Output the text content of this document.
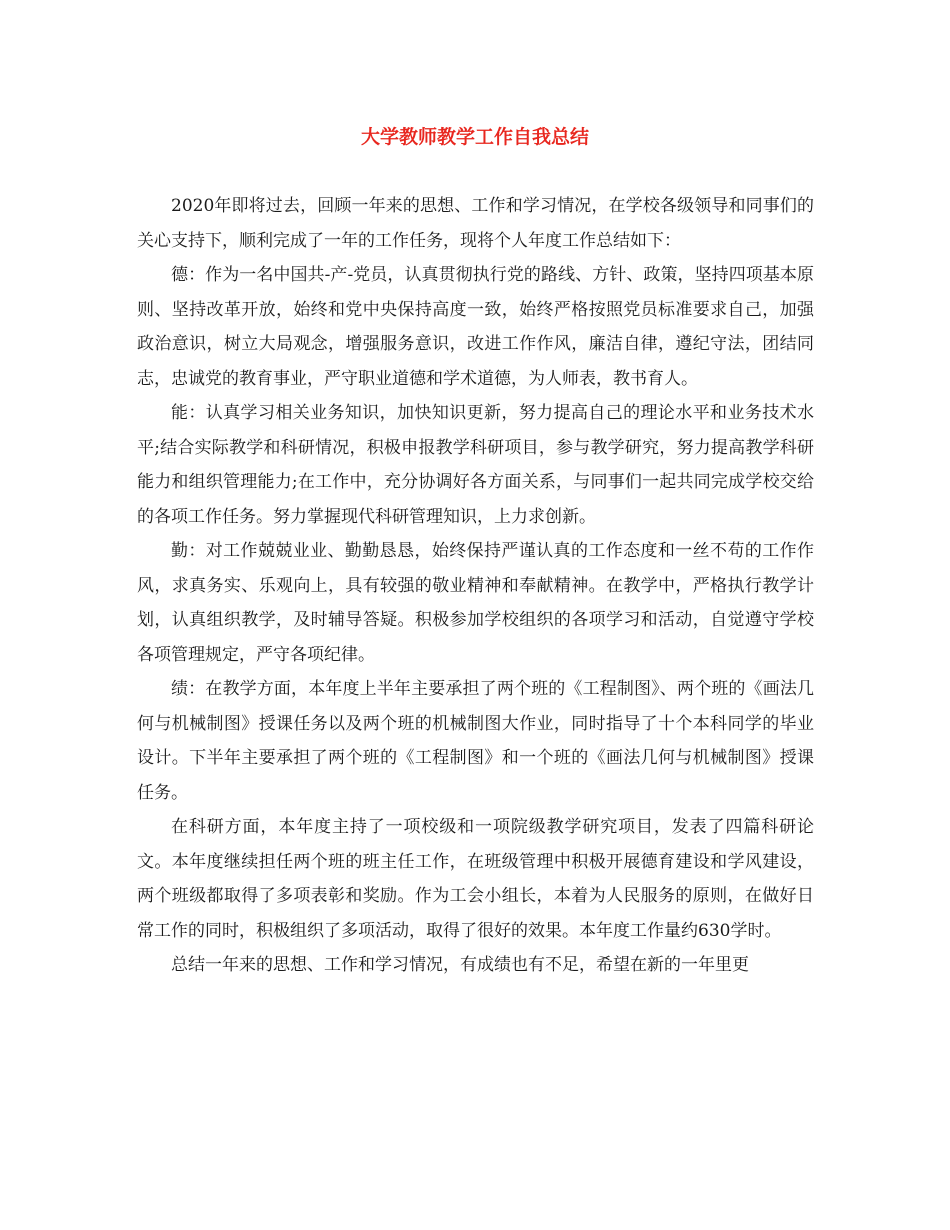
大学教师教学工作自我总结

2020年即将过去，回顾一年来的思想、工作和学习情况，在学校各级领导和同事们的关心支持下，顺利完成了一年的工作任务，现将个人年度工作总结如下：

德：作为一名中国共-产-党员，认真贯彻执行党的路线、方针、政策，坚持四项基本原则、坚持改革开放，始终和党中央保持高度一致，始终严格按照党员标准要求自己，加强政治意识，树立大局观念，增强服务意识，改进工作作风，廉洁自律，遵纪守法，团结同志，忠诚党的教育事业，严守职业道德和学术道德，为人师表，教书育人。

能：认真学习相关业务知识，加快知识更新，努力提高自己的理论水平和业务技术水平;结合实际教学和科研情况，积极申报教学科研项目，参与教学研究，努力提高教学科研能力和组织管理能力;在工作中，充分协调好各方面关系，与同事们一起共同完成学校交给的各项工作任务。努力掌握现代科研管理知识，上力求创新。

勤：对工作兢兢业业、勤勤恳恳，始终保持严谨认真的工作态度和一丝不苟的工作作风，求真务实、乐观向上，具有较强的敬业精神和奉献精神。在教学中，严格执行教学计划，认真组织教学，及时辅导答疑。积极参加学校组织的各项学习和活动，自觉遵守学校各项管理规定，严守各项纪律。

绩：在教学方面，本年度上半年主要承担了两个班的《工程制图》、两个班的《画法几何与机械制图》授课任务以及两个班的机械制图大作业，同时指导了十个本科同学的毕业设计。下半年主要承担了两个班的《工程制图》和一个班的《画法几何与机械制图》授课任务。

在科研方面，本年度主持了一项校级和一项院级教学研究项目，发表了四篇科研论文。本年度继续担任两个班的班主任工作，在班级管理中积极开展德育建设和学风建设，两个班级都取得了多项表彰和奖励。作为工会小组长，本着为人民服务的原则，在做好日常工作的同时，积极组织了多项活动，取得了很好的效果。本年度工作量约630学时。

总结一年来的思想、工作和学习情况，有成绩也有不足，希望在新的一年里更
